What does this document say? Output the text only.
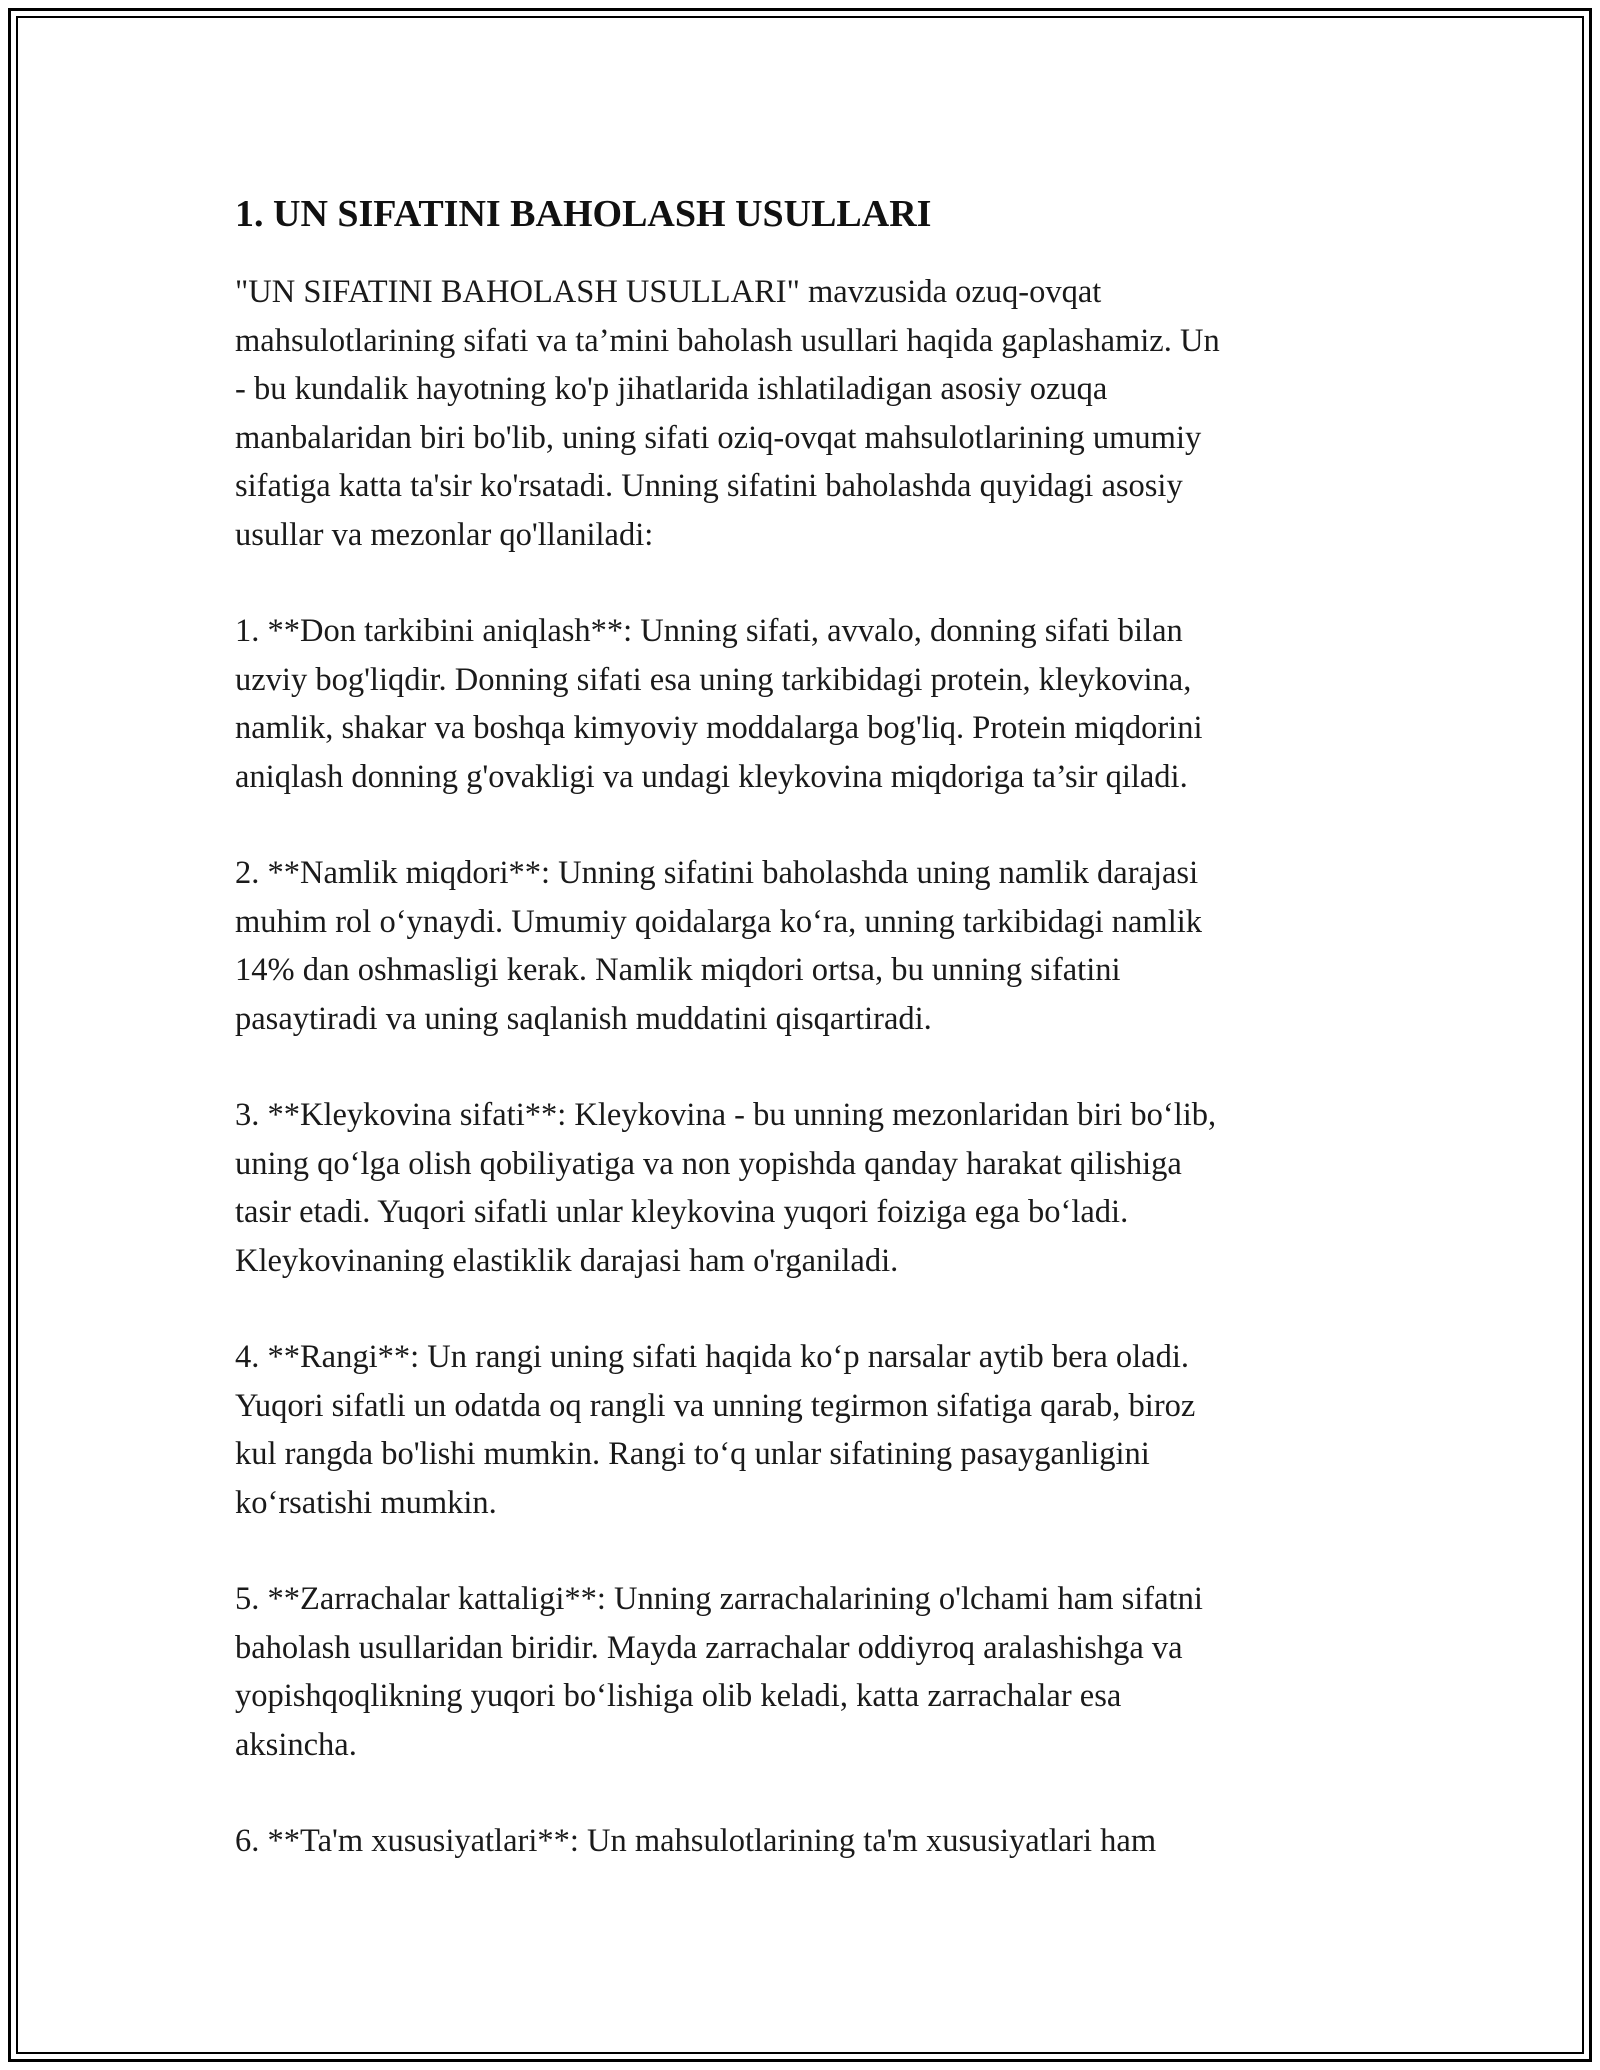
1. UN SIFATINI BAHOLASH USULLARI

"UN SIFATINI BAHOLASH USULLARI" mavzusida ozuq-ovqat
mahsulotlarining sifati va ta’mini baholash usullari haqida gaplashamiz. Un
- bu kundalik hayotning ko'p jihatlarida ishlatiladigan asosiy ozuqa
manbalaridan biri bo'lib, uning sifati oziq-ovqat mahsulotlarining umumiy
sifatiga katta ta'sir ko'rsatadi. Unning sifatini baholashda quyidagi asosiy
usullar va mezonlar qo'llaniladi:

1. **Don tarkibini aniqlash**: Unning sifati, avvalo, donning sifati bilan
uzviy bog'liqdir. Donning sifati esa uning tarkibidagi protein, kleykovina,
namlik, shakar va boshqa kimyoviy moddalarga bog'liq. Protein miqdorini
aniqlash donning g'ovakligi va undagi kleykovina miqdoriga ta’sir qiladi.

2. **Namlik miqdori**: Unning sifatini baholashda uning namlik darajasi
muhim rol o‘ynaydi. Umumiy qoidalarga ko‘ra, unning tarkibidagi namlik
14% dan oshmasligi kerak. Namlik miqdori ortsa, bu unning sifatini
pasaytiradi va uning saqlanish muddatini qisqartiradi.

3. **Kleykovina sifati**: Kleykovina - bu unning mezonlaridan biri bo‘lib,
uning qo‘lga olish qobiliyatiga va non yopishda qanday harakat qilishiga
tasir etadi. Yuqori sifatli unlar kleykovina yuqori foiziga ega bo‘ladi.
Kleykovinaning elastiklik darajasi ham o'rganiladi.

4. **Rangi**: Un rangi uning sifati haqida ko‘p narsalar aytib bera oladi.
Yuqori sifatli un odatda oq rangli va unning tegirmon sifatiga qarab, biroz
kul rangda bo'lishi mumkin. Rangi to‘q unlar sifatining pasayganligini
ko‘rsatishi mumkin.

5. **Zarrachalar kattaligi**: Unning zarrachalarining o'lchami ham sifatni
baholash usullaridan biridir. Mayda zarrachalar oddiyroq aralashishga va
yopishqoqlikning yuqori bo‘lishiga olib keladi, katta zarrachalar esa
aksincha.

6. **Ta'm xususiyatlari**: Un mahsulotlarining ta'm xususiyatlari ham
